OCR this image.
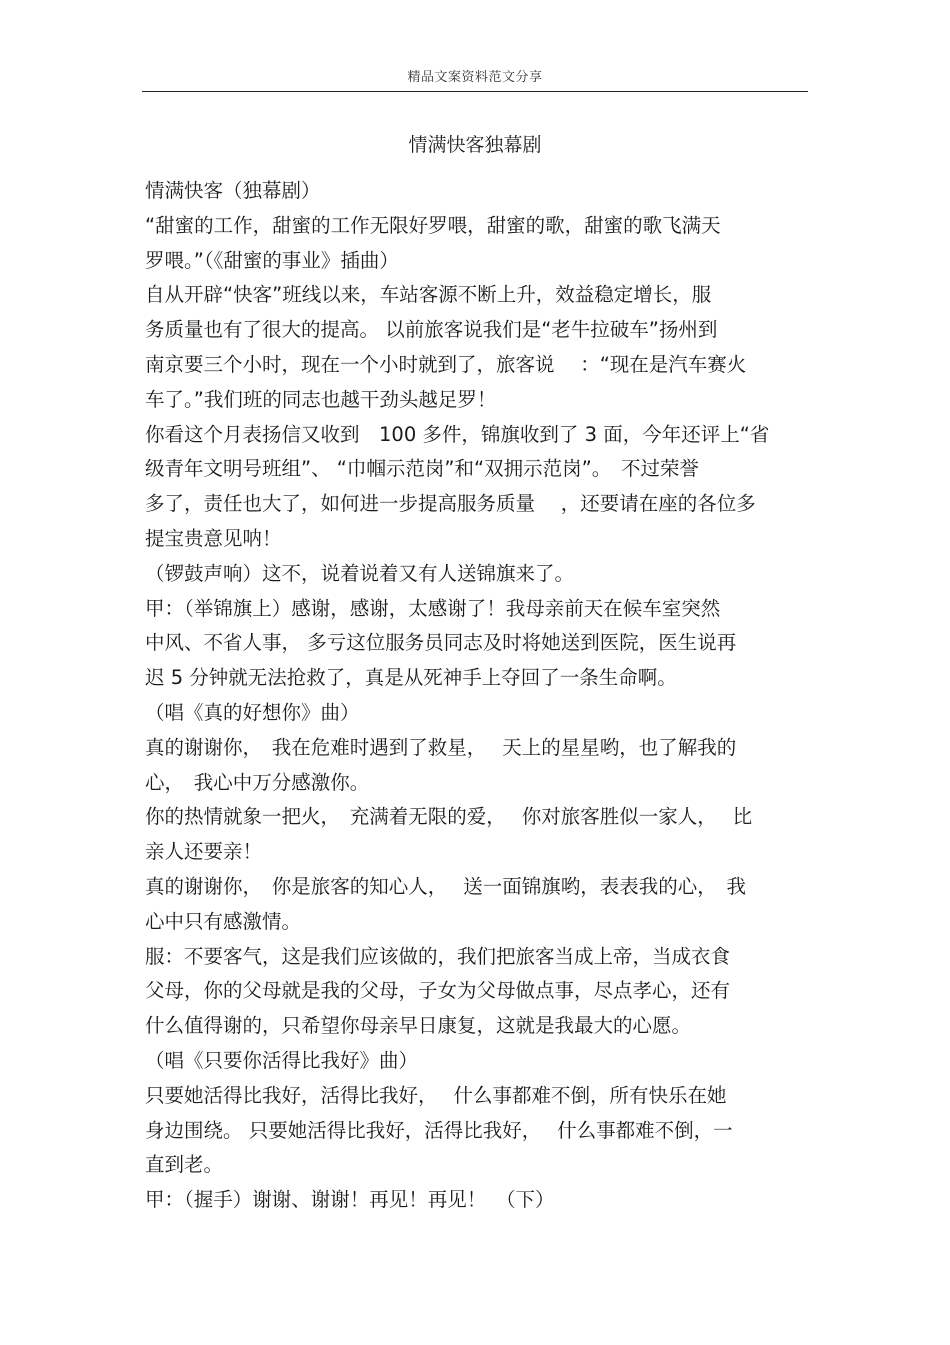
精品文案资料范文分享
情满快客独幕剧
情满快客（独幕剧）
“甜蜜的工作，甜蜜的工作无限好罗喂，甜蜜的歌，甜蜜的歌飞满天
罗喂。”（《甜蜜的事业》插曲）
自从开辟“快客”班线以来，车站客源不断上升，效益稳定增长，服
务质量也有了很大的提高。 以前旅客说我们是“老牛拉破车”扬州到
南京要三个小时，现在一个小时就到了，旅客说　 ：“现在是汽车赛火
车了。”我们班的同志也越干劲头越足罗！
你看这个月表扬信又收到　100 多件，锦旗收到了 3 面，今年还评上“省
级青年文明号班组”、 “巾帼示范岗”和“双拥示范岗”。　不过荣誉
多了，责任也大了，如何进一步提高服务质量　 ，还要请在座的各位多
提宝贵意见呐！
（锣鼓声响）这不，说着说着又有人送锦旗来了。
甲：（举锦旗上）感谢，感谢，太感谢了！我母亲前天在候车室突然
中风、不省人事， 多亏这位服务员同志及时将她送到医院，医生说再
迟 5 分钟就无法抢救了，真是从死神手上夺回了一条生命啊。
（唱《真的好想你》曲）
真的谢谢你，　我在危难时遇到了救星，　 天上的星星哟，也了解我的
心，　我心中万分感激你。
你的热情就象一把火，　充满着无限的爱，　 你对旅客胜似一家人，　 比
亲人还要亲！
真的谢谢你，　你是旅客的知心人，　 送一面锦旗哟，表表我的心，　我
心中只有感激情。
服：不要客气，这是我们应该做的，我们把旅客当成上帝，当成衣食
父母，你的父母就是我的父母，子女为父母做点事，尽点孝心，还有
什么值得谢的，只希望你母亲早日康复，这就是我最大的心愿。
（唱《只要你活得比我好》曲）
只要她活得比我好，活得比我好，　 什么事都难不倒，所有快乐在她
身边围绕。 只要她活得比我好，活得比我好，　 什么事都难不倒，一
直到老。
甲：（握手）谢谢、谢谢！再见！再见！　（下）
